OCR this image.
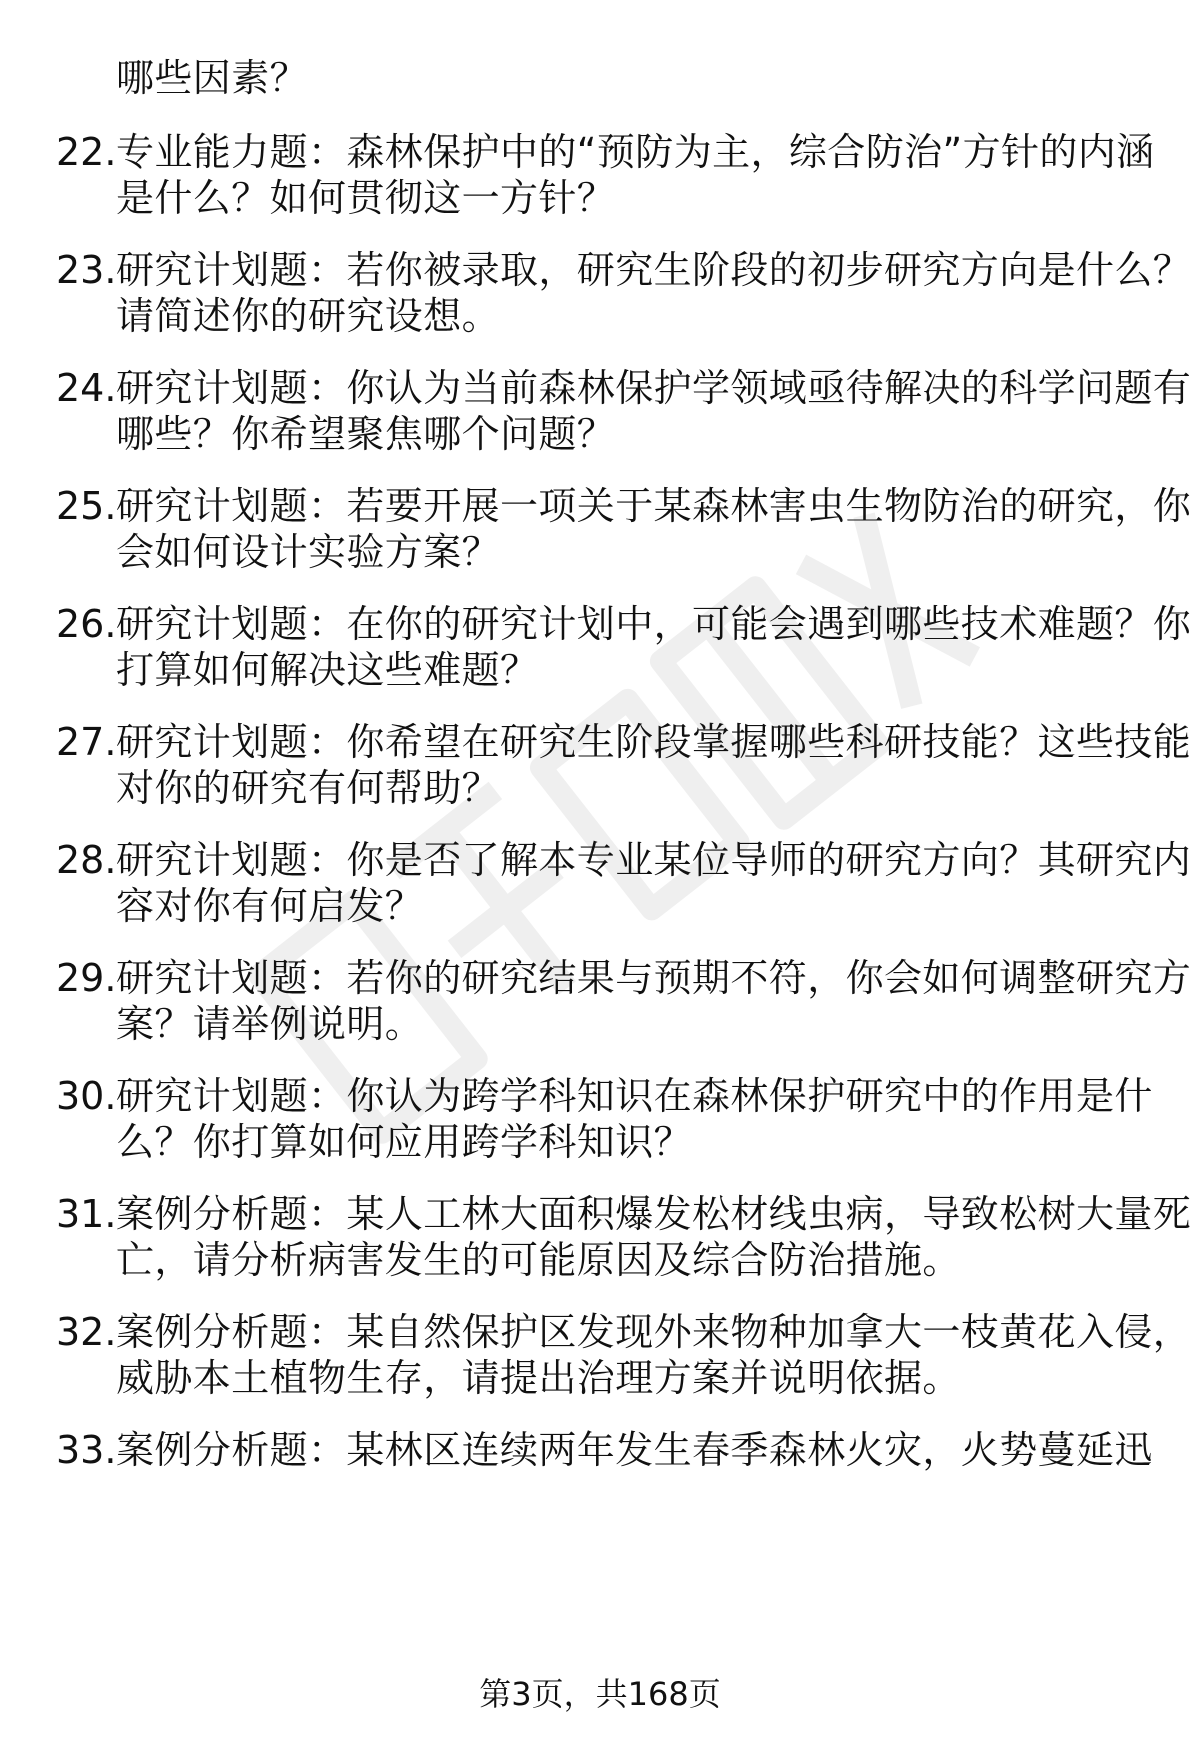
哪些因素？
22. 专业能力题：森林保护中的“预防为主，综合防治”方针的内涵
是什么？如何贯彻这一方针？
23. 研究计划题：若你被录取，研究生阶段的初步研究方向是什么？
请简述你的研究设想。
24. 研究计划题：你认为当前森林保护学领域亟待解决的科学问题有
哪些？你希望聚焦哪个问题？
25. 研究计划题：若要开展一项关于某森林害虫生物防治的研究，你
会如何设计实验方案？
26. 研究计划题：在你的研究计划中，可能会遇到哪些技术难题？你
打算如何解决这些难题？
27. 研究计划题：你希望在研究生阶段掌握哪些科研技能？这些技能
对你的研究有何帮助？
28. 研究计划题：你是否了解本专业某位导师的研究方向？其研究内
容对你有何启发？
29. 研究计划题：若你的研究结果与预期不符，你会如何调整研究方
案？请举例说明。
30. 研究计划题：你认为跨学科知识在森林保护研究中的作用是什
么？你打算如何应用跨学科知识？
31. 案例分析题：某人工林大面积爆发松材线虫病，导致松树大量死
亡，请分析病害发生的可能原因及综合防治措施。
32. 案例分析题：某自然保护区发现外来物种加拿大一枝黄花入侵，
威胁本土植物生存，请提出治理方案并说明依据。
33. 案例分析题：某林区连续两年发生春季森林火灾，火势蔓延迅
第3页，共168页
